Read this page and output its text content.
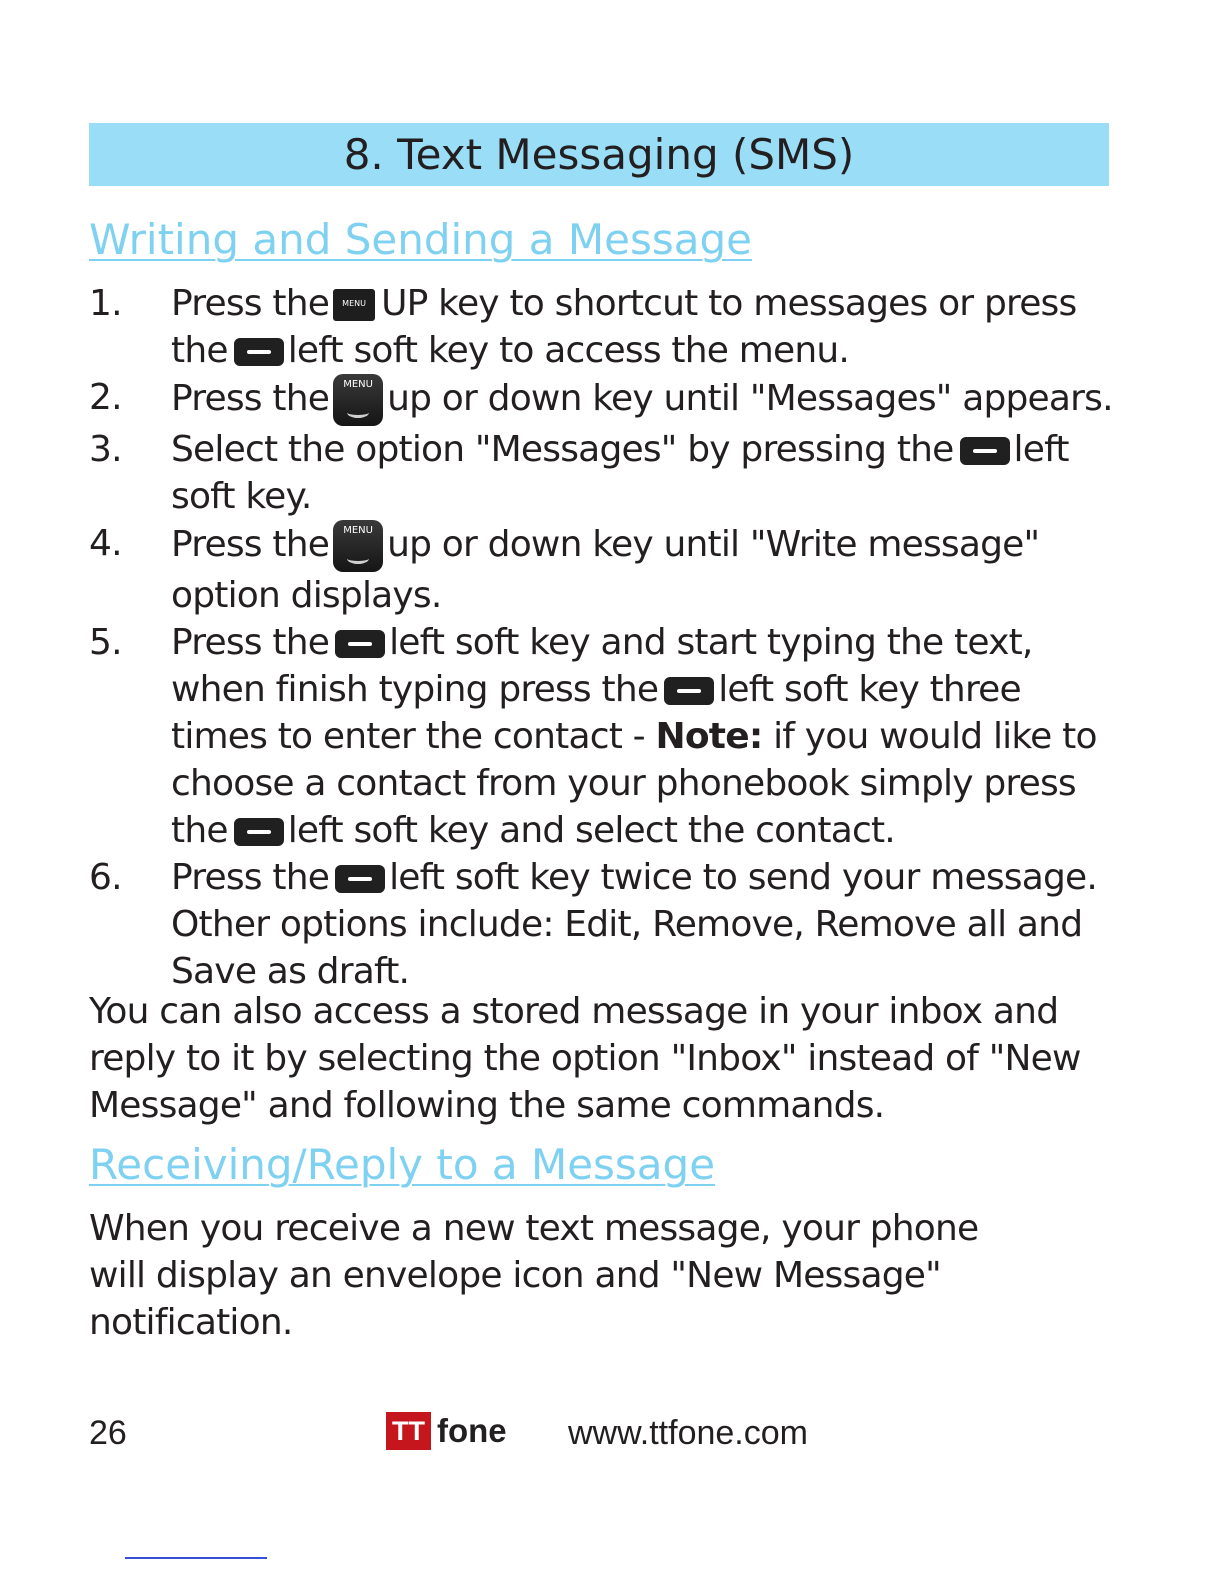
8. Text Messaging (SMS)
Writing and Sending a Message
1. Press the MENU UP key to shortcut to messages or press the left soft key to access the menu.
2. Press the MENU up or down key until "Messages" appears.
3. Select the option "Messages" by pressing the left soft key.
4. Press the MENU up or down key until "Write message" option displays.
5. Press the left soft key and start typing the text, when finish typing press the left soft key three times to enter the contact - Note: if you would like to choose a contact from your phonebook simply press the left soft key and select the contact.
6. Press the left soft key twice to send your message. Other options include: Edit, Remove, Remove all and Save as draft.

You can also access a stored message in your inbox and reply to it by selecting the option "Inbox" instead of "New Message" and following the same commands.

Receiving/Reply to a Message

When you receive a new text message, your phone will display an envelope icon and "New Message" notification.

26	TT fone www.ttfone.com
